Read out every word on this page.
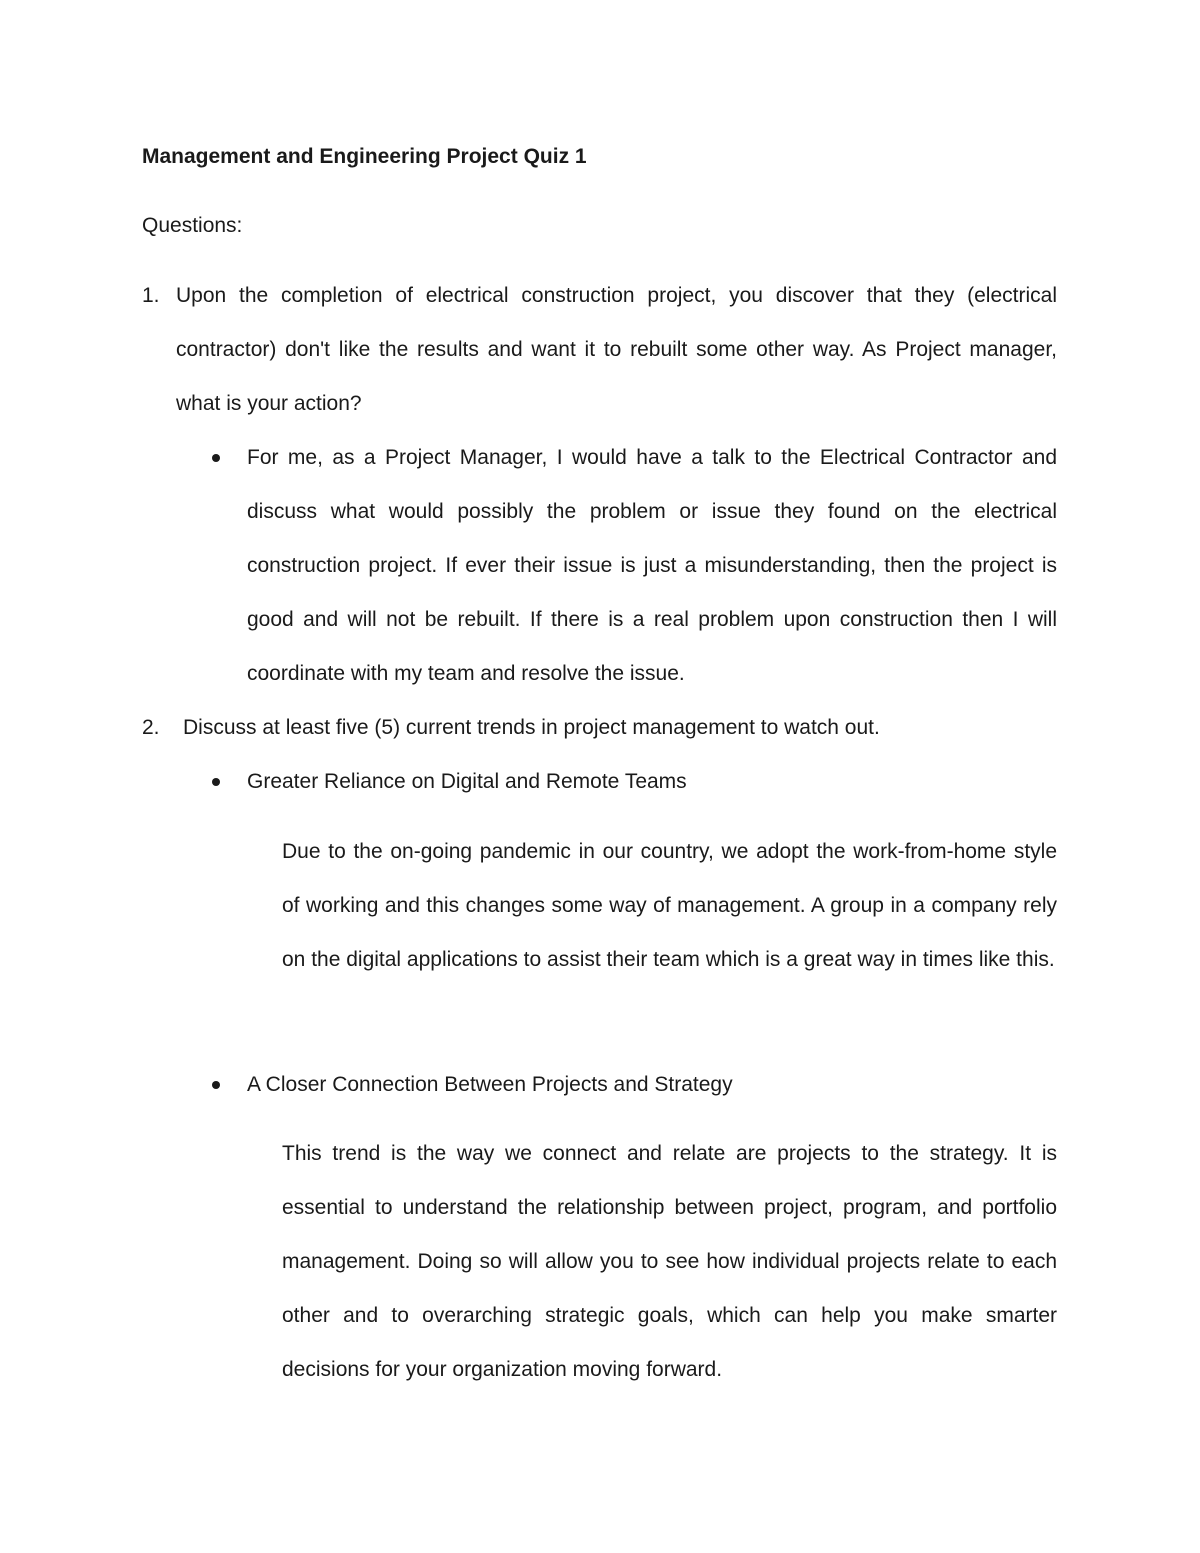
Management and Engineering Project Quiz 1
Questions:
1. Upon the completion of electrical construction project, you discover that they (electrical contractor) don't like the results and want it to rebuilt some other way. As Project manager, what is your action?
For me, as a Project Manager, I would have a talk to the Electrical Contractor and discuss what would possibly the problem or issue they found on the electrical construction project. If ever their issue is just a misunderstanding, then the project is good and will not be rebuilt. If there is a real problem upon construction then I will coordinate with my team and resolve the issue.
2. Discuss at least five (5) current trends in project management to watch out.
Greater Reliance on Digital and Remote Teams
Due to the on-going pandemic in our country, we adopt the work-from-home style of working and this changes some way of management. A group in a company rely on the digital applications to assist their team which is a great way in times like this.
A Closer Connection Between Projects and Strategy
This trend is the way we connect and relate are projects to the strategy. It is essential to understand the relationship between project, program, and portfolio management. Doing so will allow you to see how individual projects relate to each other and to overarching strategic goals, which can help you make smarter decisions for your organization moving forward.
